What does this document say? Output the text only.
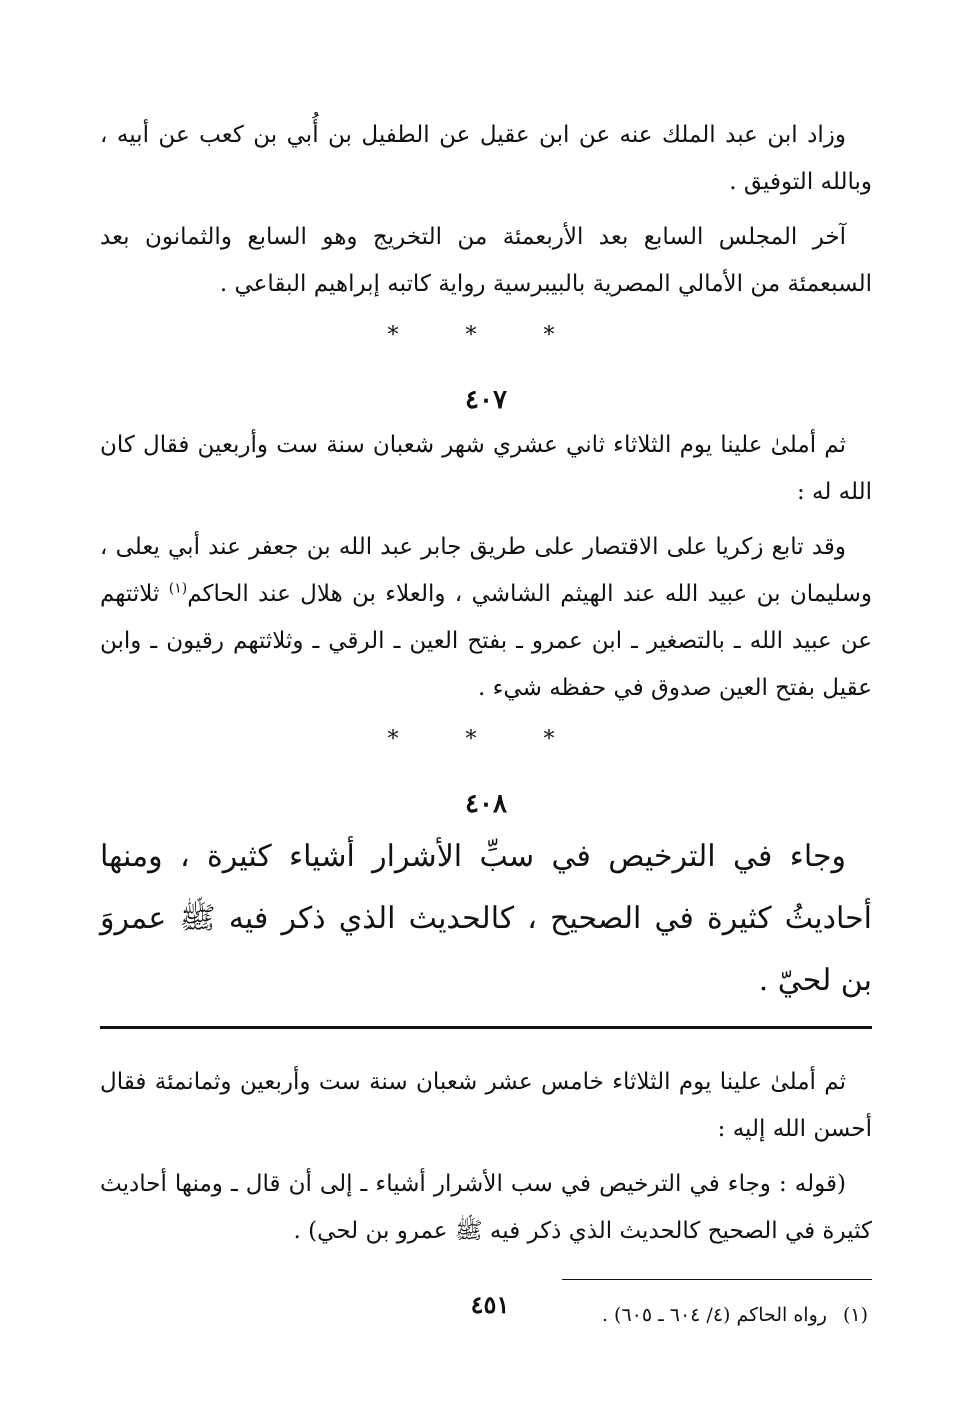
وزاد ابن عبد الملك عنه عن ابن عقيل عن الطفيل بن أُبي بن كعب عن أبيه ، وبالله التوفيق .

آخر المجلس السابع بعد الأربعمئة من التخريج وهو السابع والثمانون بعد السبعمئة من الأمالي المصرية بالبيبرسية رواية كاتبه إبراهيم البقاعي .

* * *
٤٠٧

ثم أملىٰ علينا يوم الثلاثاء ثاني عشري شهر شعبان سنة ست وأربعين فقال كان الله له :

وقد تابع زكريا على الاقتصار على طريق جابر عبد الله بن جعفر عند أبي يعلى ، وسليمان بن عبيد الله عند الهيثم الشاشي ، والعلاء بن هلال عند الحاكم$^{(١)}$ ثلاثتهم عن عبيد الله ـ بالتصغير ـ ابن عمرو ـ بفتح العين ـ الرقي ـ وثلاثتهم رقيون ـ وابن عقيل بفتح العين صدوق في حفظه شيء .

* * *
٤٠٨

وجاء في الترخيص في سبِّ الأشرار أشياء كثيرة ، ومنها أحاديثُ كثيرة في الصحيح ، كالحديث الذي ذكر فيه ﷺ عمروَ بن لحيّ .

ثم أملىٰ علينا يوم الثلاثاء خامس عشر شعبان سنة ست وأربعين وثمانمئة فقال أحسن الله إليه :

(قوله : وجاء في الترخيص في سب الأشرار أشياء ـ إلى أن قال ـ ومنها أحاديث كثيرة في الصحيح كالحديث الذي ذكر فيه ﷺ عمرو بن لحي) .

(١)رواه الحاكم (٤/ ٦٠٤ ـ ٦٠٥) .
٤٥١
